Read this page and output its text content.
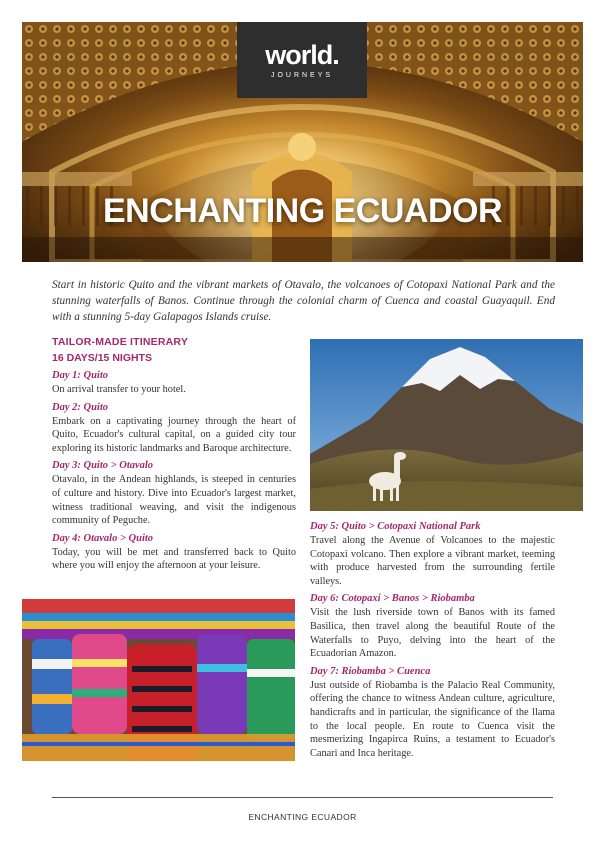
world.
JOURNEYS
ENCHANTING ECUADOR

Start in historic Quito and the vibrant markets of Otavalo, the volcanoes of Cotopaxi National Park and the stunning waterfalls of Banos. Continue through the colonial charm of Cuenca and coastal Guayaquil. End with a stunning 5-day Galapagos Islands cruise.

TAILOR-MADE ITINERARY
16 DAYS/15 NIGHTS
Day 1: Quito

On arrival transfer to your hotel.

Day 2: Quito

Embark on a captivating journey through the heart of Quito, Ecuador's cultural capital, on a guided city tour exploring its historic landmarks and Baroque architecture.

Day 3: Quito > Otavalo

Otavalo, in the Andean highlands, is steeped in centuries of culture and history. Dive into Ecuador's largest market, witness traditional weaving, and visit the indigenous community of Peguche.

Day 4: Otavalo > Quito

Today, you will be met and transferred back to Quito where you will enjoy the afternoon at your leisure.

Day 5: Quito > Cotopaxi National Park

Travel along the Avenue of Volcanoes to the majestic Cotopaxi volcano. Then explore a vibrant market, teeming with produce harvested from the surrounding fertile valleys.

Day 6: Cotopaxi > Banos > Riobamba

Visit the lush riverside town of Banos with its famed Basilica, then travel along the beautiful Route of the Waterfalls to Puyo, delving into the heart of the Ecuadorian Amazon.

Day 7: Riobamba > Cuenca

Just outside of Riobamba is the Palacio Real Community, offering the chance to witness Andean culture, agriculture, handicrafts and in particular, the significance of the llama to the local people. En route to Cuenca visit the mesmerizing Ingapirca Ruins, a testament to Ecuador's Canari and Inca heritage.

ENCHANTING ECUADOR
